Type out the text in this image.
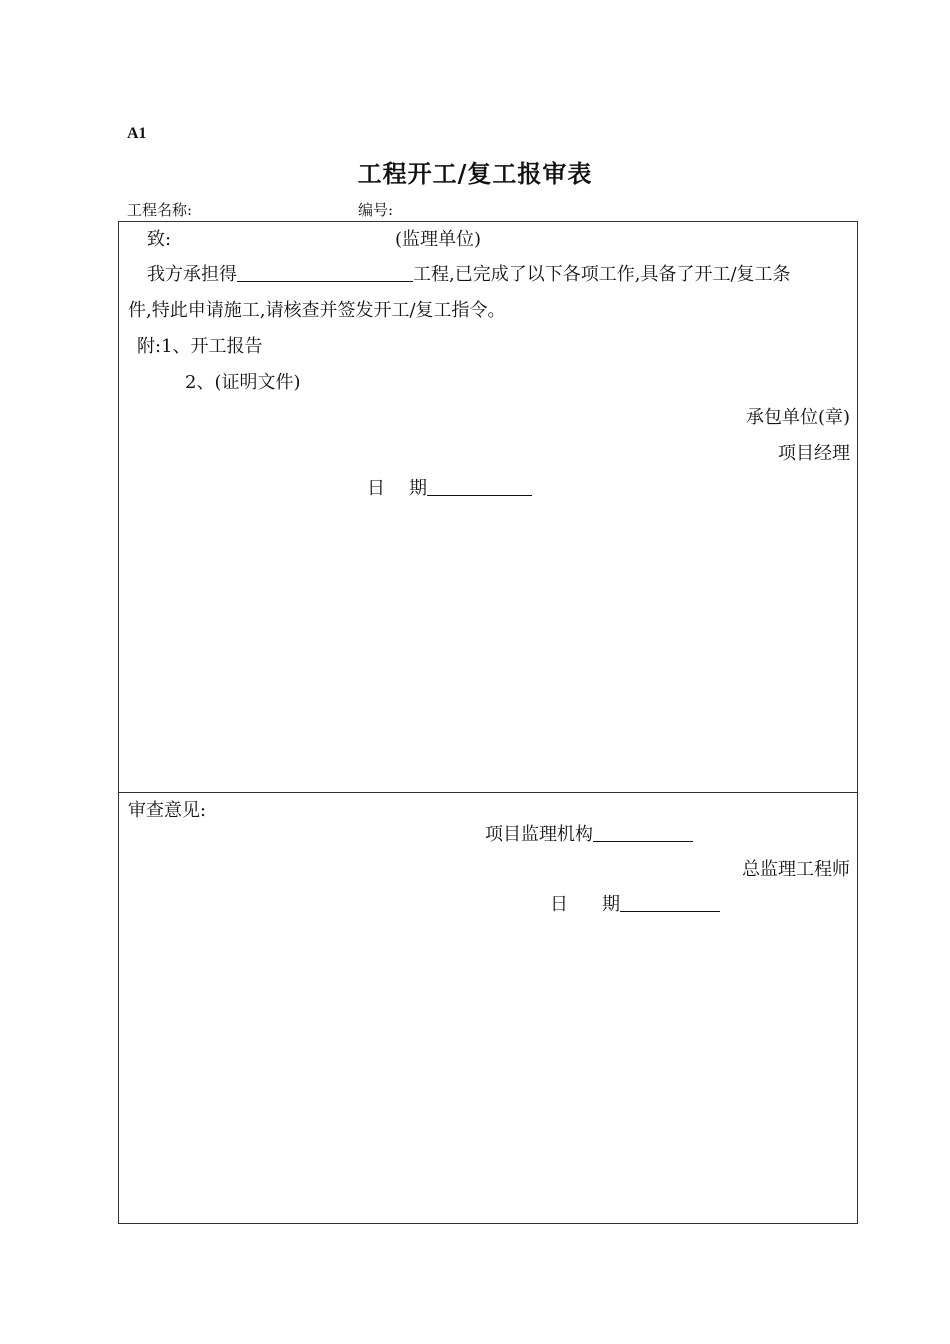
A1
工程开工/复工报审表
工程名称:	编号:
致:	(监理单位)
我方承担得	工程,已完成了以下各项工作,具备了开工/复工条
件,特此申请施工,请核查并签发开工/复工指令。
附:1、开工报告
2、(证明文件)
承包单位(章)
项目经理
日 期
审查意见:
项目监理机构
总监理工程师
日 期
